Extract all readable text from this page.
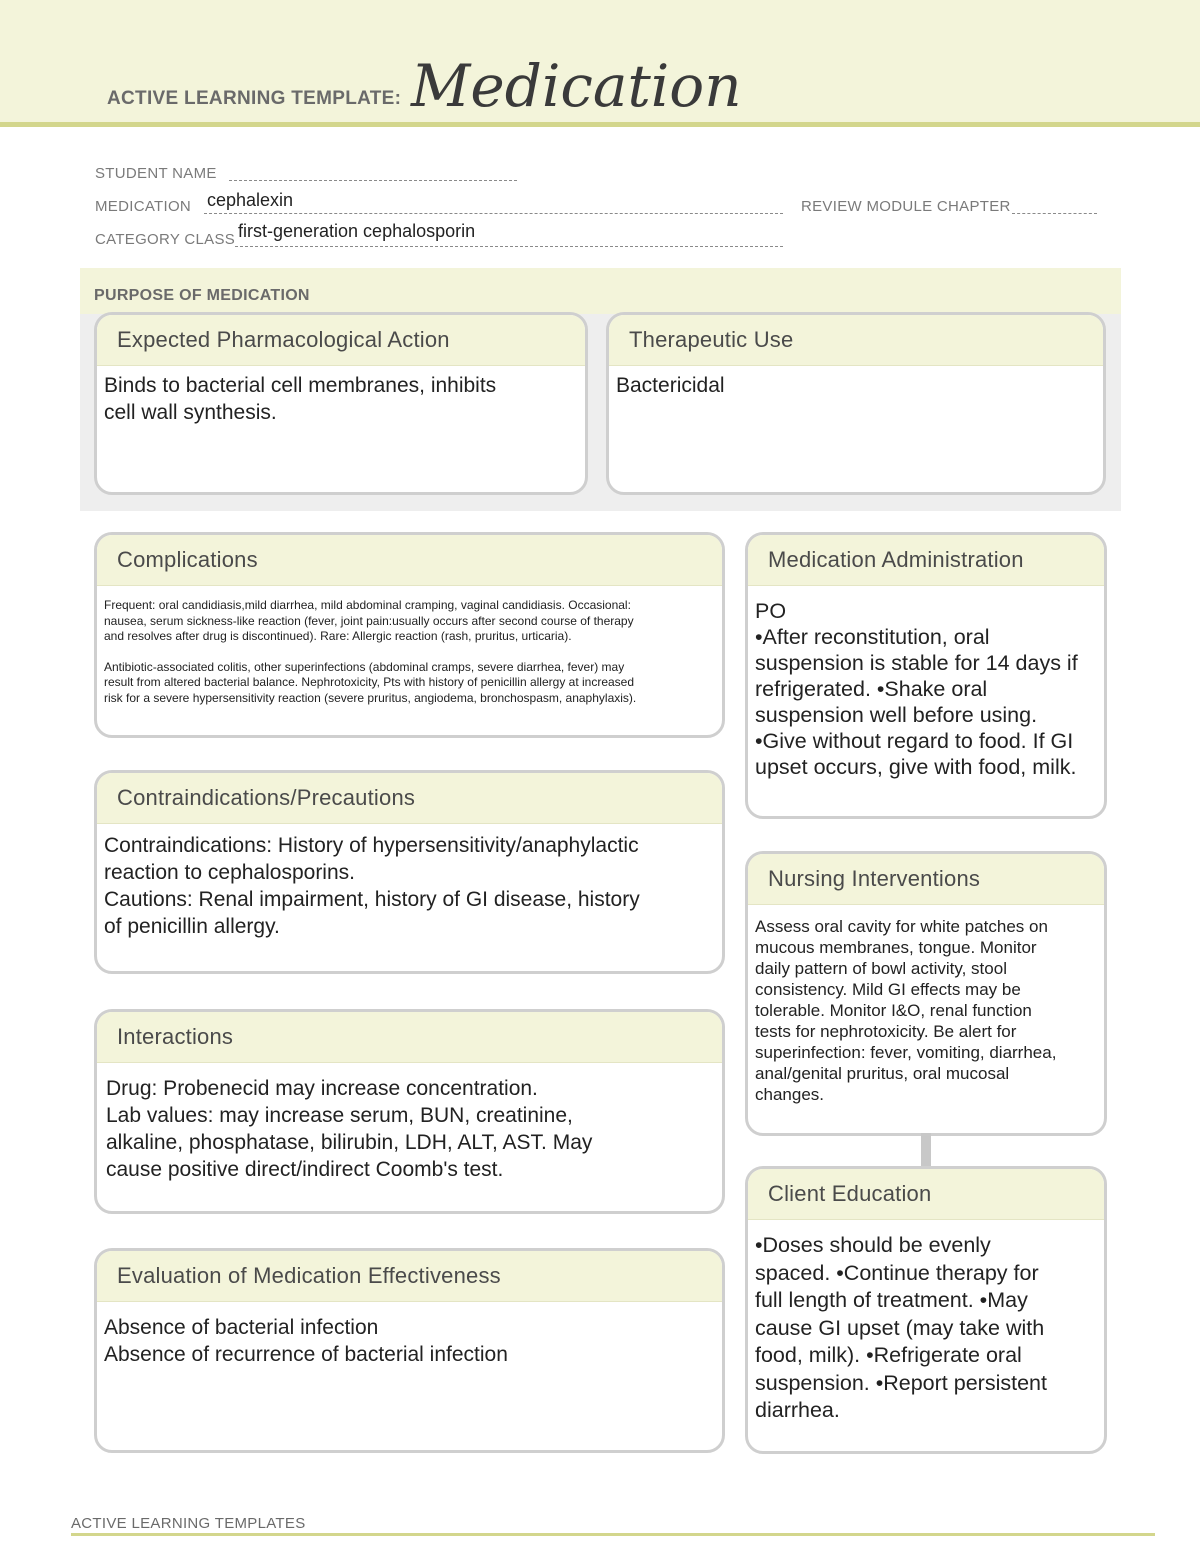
ACTIVE LEARNING TEMPLATE: Medication
STUDENT NAME
MEDICATION cephalexin	REVIEW MODULE CHAPTER
CATEGORY CLASS first-generation cephalosporin
PURPOSE OF MEDICATION
Expected Pharmacological Action
Binds to bacterial cell membranes, inhibits
cell wall synthesis.
Therapeutic Use
Bactericidal
Complications
Frequent: oral candidiasis,mild diarrhea, mild abdominal cramping, vaginal candidiasis. Occasional:
nausea, serum sickness-like reaction (fever, joint pain:usually occurs after second course of therapy
and resolves after drug is discontinued). Rare: Allergic reaction (rash, pruritus, urticaria).
Antibiotic-associated colitis, other superinfections (abdominal cramps, severe diarrhea, fever) may
result from altered bacterial balance. Nephrotoxicity, Pts with history of penicillin allergy at increased
risk for a severe hypersensitivity reaction (severe pruritus, angiodema, bronchospasm, anaphylaxis).
Contraindications/Precautions
Contraindications: History of hypersensitivity/anaphylactic
reaction to cephalosporins.
Cautions: Renal impairment, history of GI disease, history
of penicillin allergy.
Interactions
Drug: Probenecid may increase concentration.
Lab values: may increase serum, BUN, creatinine,
alkaline, phosphatase, bilirubin, LDH, ALT, AST. May
cause positive direct/indirect Coomb's test.
Evaluation of Medication Effectiveness
Absence of bacterial infection
Absence of recurrence of bacterial infection
Medication Administration
PO
•After reconstitution, oral
suspension is stable for 14 days if
refrigerated. •Shake oral
suspension well before using.
•Give without regard to food. If GI
upset occurs, give with food, milk.
Nursing Interventions
Assess oral cavity for white patches on
mucous membranes, tongue. Monitor
daily pattern of bowl activity, stool
consistency. Mild GI effects may be
tolerable. Monitor I&O, renal function
tests for nephrotoxicity. Be alert for
superinfection: fever, vomiting, diarrhea,
anal/genital pruritus, oral mucosal
changes.
Client Education
•Doses should be evenly
spaced. •Continue therapy for
full length of treatment. •May
cause GI upset (may take with
food, milk). •Refrigerate oral
suspension. •Report persistent
diarrhea.
ACTIVE LEARNING TEMPLATES
